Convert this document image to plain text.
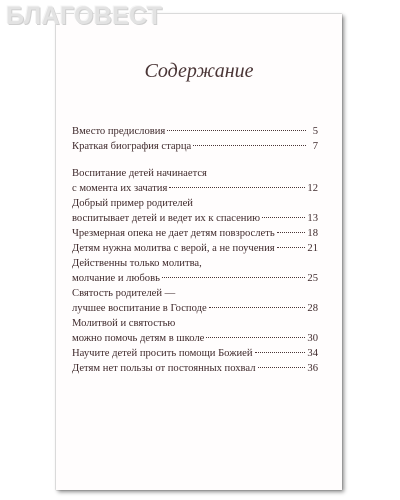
БЛАГОВЕСТ
Содержание
Вместо предисловия	5
Краткая биография старца	7
Воспитание детей начинается
с момента их зачатия	12
Добрый пример родителей
воспитывает детей и ведет их к спасению	13
Чрезмерная опека не дает детям повзрослеть	18
Детям нужна молитва с верой, а не поучения	21
Действенны только молитва,
молчание и любовь	25
Святость родителей —
лучшее воспитание в Господе	28
Молитвой и святостью
можно помочь детям в школе	30
Научите детей просить помощи Божией	34
Детям нет пользы от постоянных похвал	36
